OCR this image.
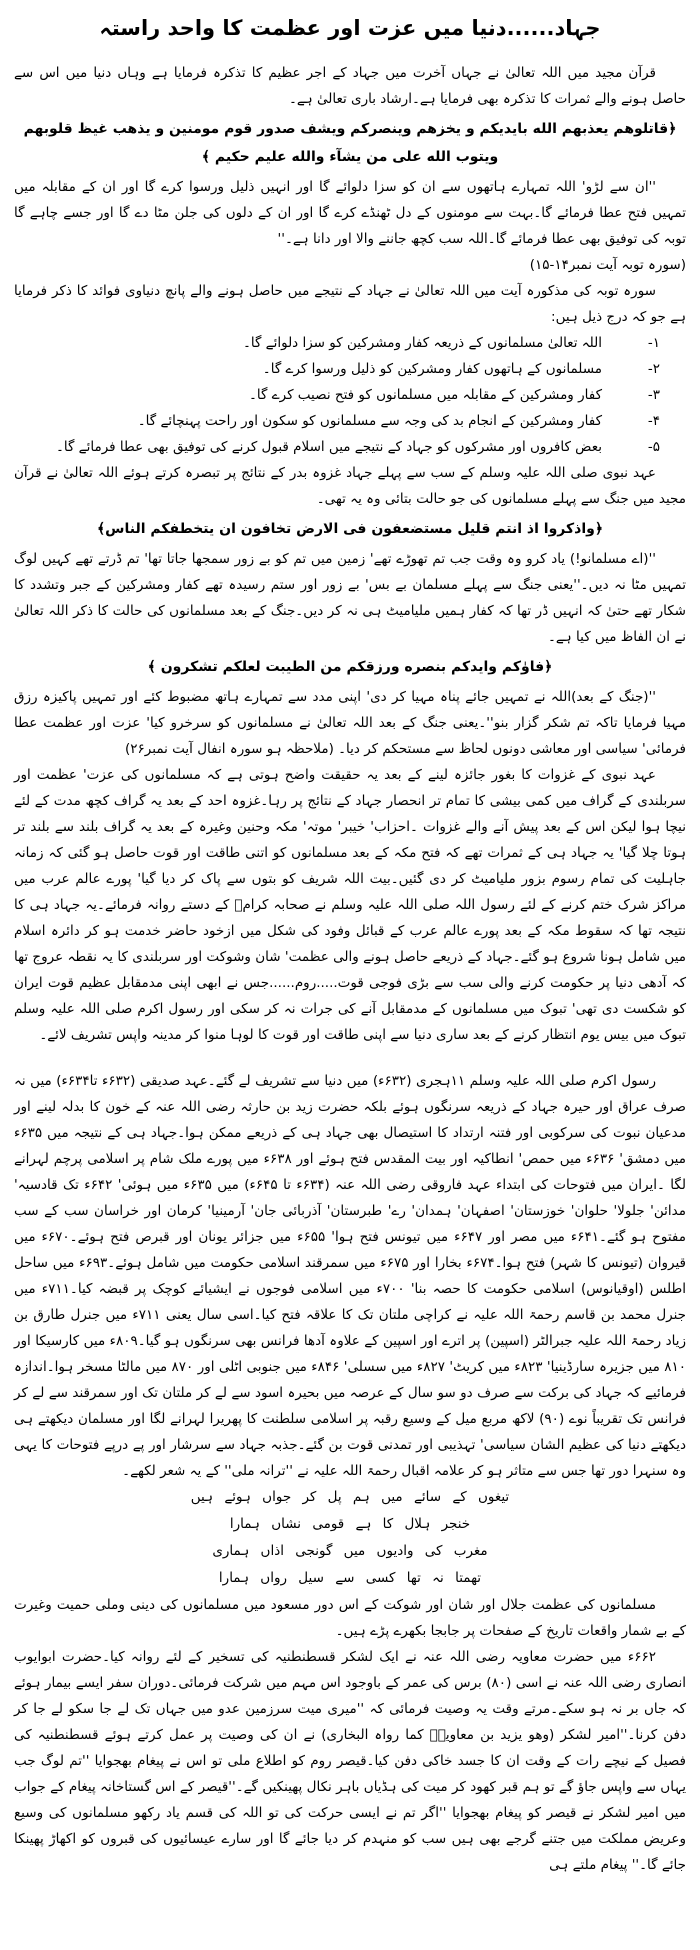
جہاد......دنیا میں عزت اور عظمت کا واحد راستہ
قرآن مجید میں اللہ تعالیٰ نے جہاں آخرت میں جہاد کے اجر عظیم کا تذکرہ فرمایا ہے وہاں دنیا میں اس سے حاصل ہونے والے ثمرات کا تذکرہ بھی فرمایا ہے۔ارشاد باری تعالیٰ ہے۔
﴿قاتلوهم يعذبهم الله بايديكم و يخزهم وينصركم ويشف صدور قوم مومنين و يذهب غيظ قلوبهم ويتوب الله على من يشآء والله عليم حكيم ﴾
''ان سے لڑو' اللہ تمہارے ہاتھوں سے ان کو سزا دلوائے گا اور انہیں ذلیل ورسوا کرے گا اور ان کے مقابلہ میں تمہیں فتح عطا فرمائے گا۔بہت سے مومنوں کے دل ٹھنڈے کرے گا اور ان کے دلوں کی جلن مٹا دے گا اور جسے چاہے گا توبہ کی توفیق بھی عطا فرمائے گا۔اللہ سب کچھ جاننے والا اور دانا ہے۔''
(سورہ توبہ آیت نمبر۱۴-۱۵)
سورہ توبہ کی مذکورہ آیت میں اللہ تعالیٰ نے جہاد کے نتیجے میں حاصل ہونے والے پانچ دنیاوی فوائد کا ذکر فرمایا ہے جو کہ درج ذیل ہیں:
۱-
اللہ تعالیٰ مسلمانوں کے ذریعہ کفار ومشرکین کو سزا دلوائے گا۔
۲-
مسلمانوں کے ہاتھوں کفار ومشرکین کو ذلیل ورسوا کرے گا۔
۳-
کفار ومشرکین کے مقابلہ میں مسلمانوں کو فتح نصیب کرے گا۔
۴-
کفار ومشرکین کے انجام بد کی وجہ سے مسلمانوں کو سکون اور راحت پہنچائے گا۔
۵-
بعض کافروں اور مشرکوں کو جہاد کے نتیجے میں اسلام قبول کرنے کی توفیق بھی عطا فرمائے گا۔
عہد نبوی صلی اللہ علیہ وسلم کے سب سے پہلے جہاد غزوہ بدر کے نتائج پر تبصرہ کرتے ہوئے اللہ تعالیٰ نے قرآن مجید میں جنگ سے پہلے مسلمانوں کی جو حالت بتائی وہ یہ تھی۔
﴿واذكروا اذ انتم قليل مستضعفون فى الارض تخافون ان يتخطفكم الناس﴾
''(اے مسلمانو!) یاد کرو وہ وقت جب تم تھوڑے تھے' زمین میں تم کو بے زور سمجھا جاتا تھا' تم ڈرتے تھے کہیں لوگ تمہیں مٹا نہ دیں۔''یعنی جنگ سے پہلے مسلمان بے بس' بے زور اور ستم رسیدہ تھے کفار ومشرکین کے جبر وتشدد کا شکار تھے حتیٰ کہ انہیں ڈر تھا کہ کفار ہمیں ملیامیٹ ہی نہ کر دیں۔جنگ کے بعد مسلمانوں کی حالت کا ذکر اللہ تعالیٰ نے ان الفاظ میں کیا ہے۔
﴿فاوٰكم وايدكم بنصره ورزقكم من الطيبت لعلكم تشكرون ﴾
''(جنگ کے بعد)اللہ نے تمہیں جائے پناہ مہیا کر دی' اپنی مدد سے تمہارے ہاتھ مضبوط کئے اور تمہیں پاکیزہ رزق مہیا فرمایا تاکہ تم شکر گزار بنو''۔یعنی جنگ کے بعد اللہ تعالیٰ نے مسلمانوں کو سرخرو کیا' عزت اور عظمت عطا فرمائی' سیاسی اور معاشی دونوں لحاظ سے مستحکم کر دیا۔ (ملاحظہ ہو سورہ انفال آیت نمبر۲۶)
عہد نبوی کے غزوات کا بغور جائزہ لینے کے بعد یہ حقیقت واضح ہوتی ہے کہ مسلمانوں کی عزت' عظمت اور سربلندی کے گراف میں کمی بیشی کا تمام تر انحصار جہاد کے نتائج پر رہا۔غزوہ احد کے بعد یہ گراف کچھ مدت کے لئے نیچا ہوا لیکن اس کے بعد پیش آنے والے غزوات ۔احزاب' خیبر' موتہ' مکہ وحنین وغیرہ کے بعد یہ گراف بلند سے بلند تر ہوتا چلا گیا' یہ جہاد ہی کے ثمرات تھے کہ فتح مکہ کے بعد مسلمانوں کو اتنی طاقت اور قوت حاصل ہو گئی کہ زمانہ جاہلیت کی تمام رسوم بزور ملیامیٹ کر دی گئیں۔بیت اللہ شریف کو بتوں سے پاک کر دیا گیا' پورے عالم عرب میں مراکز شرک ختم کرنے کے لئے رسول اللہ صلی اللہ علیہ وسلم نے صحابہ کرامؓ کے دستے روانہ فرمائے۔یہ جہاد ہی کا نتیجہ تھا کہ سقوط مکہ کے بعد پورے عالم عرب کے قبائل وفود کی شکل میں ازخود حاضر خدمت ہو کر دائرہ اسلام میں شامل ہونا شروع ہو گئے۔جہاد کے ذریعے حاصل ہونے والی عظمت' شان وشوکت اور سربلندی کا یہ نقطہ عروج تھا کہ آدھی دنیا پر حکومت کرنے والی سب سے بڑی فوجی قوت.....روم......جس نے ابھی اپنی مدمقابل عظیم قوت ایران کو شکست دی تھی' تبوک میں مسلمانوں کے مدمقابل آنے کی جرات نہ کر سکی اور رسول اکرم صلی اللہ علیہ وسلم تبوک میں بیس یوم انتظار کرنے کے بعد ساری دنیا سے اپنی طاقت اور قوت کا لوہا منوا کر مدینہ واپس تشریف لائے۔
رسول اکرم صلی اللہ علیہ وسلم ۱۱ہجری (۶۳۲ء) میں دنیا سے تشریف لے گئے۔عہد صدیقی (۶۳۲ء تا۶۳۴ء) میں نہ صرف عراق اور حیرہ جہاد کے ذریعہ سرنگوں ہوئے بلکہ حضرت زید بن حارثہ رضی اللہ عنہ کے خون کا بدلہ لینے اور مدعیان نبوت کی سرکوبی اور فتنہ ارتداد کا استیصال بھی جہاد ہی کے ذریعے ممکن ہوا۔جہاد ہی کے نتیجہ میں ۶۳۵ء میں دمشق' ۶۳۶ء میں حمص' انطاکیہ اور بیت المقدس فتح ہوئے اور ۶۳۸ء میں پورے ملک شام پر اسلامی پرچم لہرانے لگا ۔ایران میں فتوحات کی ابتداء عہد فاروقی رضی اللہ عنہ (۶۳۴ء تا ۶۴۵ء) میں ۶۳۵ء میں ہوئی' ۶۴۲ء تک قادسیہ' مدائن' جلولا' حلوان' خوزستان' اصفہان' ہمدان' رے' طبرستان' آذربائی جان' آرمینیا' کرمان اور خراسان سب کے سب مفتوح ہو گئے۔۶۴۱ء میں مصر اور ۶۴۷ء میں تیونس فتح ہوا' ۶۵۵ء میں جزائر یونان اور قبرص فتح ہوئے۔۶۷۰ء میں قیروان (تیونس کا شہر) فتح ہوا۔۶۷۴ء بخارا اور ۶۷۵ء میں سمرقند اسلامی حکومت میں شامل ہوئے۔۶۹۳ء میں ساحل اطلس (اوقیانوس) اسلامی حکومت کا حصہ بنا' ۷۰۰ء میں اسلامی فوجوں نے ایشیائے کوچک پر قبضہ کیا۔۷۱۱ء میں جنرل محمد بن قاسم رحمۃ اللہ علیہ نے کراچی ملتان تک کا علاقہ فتح کیا۔اسی سال یعنی ۷۱۱ء میں جنرل طارق بن زیاد رحمۃ اللہ علیہ جبرالٹر (اسپین) پر اترے اور اسپین کے علاوہ آدھا فرانس بھی سرنگوں ہو گیا۔۸۰۹ء میں کارسیکا اور ۸۱۰ میں جزیرہ سارڈینیا' ۸۲۳ء میں کریٹ' ۸۲۷ء میں سسلی' ۸۴۶ء میں جنوبی اٹلی اور ۸۷۰ میں مالٹا مسخر ہوا۔اندازہ فرمائیے کہ جہاد کی برکت سے صرف دو سو سال کے عرصہ میں بحیرہ اسود سے لے کر ملتان تک اور سمرقند سے لے کر فرانس تک تقریباً نوے (۹۰) لاکھ مربع میل کے وسیع رقبہ پر اسلامی سلطنت کا پھریرا لہرانے لگا اور مسلمان دیکھتے ہی دیکھتے دنیا کی عظیم الشان سیاسی' تہذیبی اور تمدنی قوت بن گئے۔جذبہ جہاد سے سرشار اور پے درپے فتوحات کا یہی وہ سنہرا دور تھا جس سے متاثر ہو کر علامہ اقبال رحمۃ اللہ علیہ نے ''ترانہ ملی'' کے یہ شعر لکھے۔
تیغوں کے سائے میں ہم پل کر جواں ہوئے ہیں
خنجر ہلال کا ہے قومی نشاں ہمارا
مغرب کی وادیوں میں گونجی اذاں ہماری
تھمتا نہ تھا کسی سے سیل رواں ہمارا
مسلمانوں کی عظمت جلال اور شان اور شوکت کے اس دور مسعود میں مسلمانوں کی دینی وملی حمیت وغیرت کے بے شمار واقعات تاریخ کے صفحات پر جابجا بکھرے پڑے ہیں۔
۶۶۲ء میں حضرت معاویہ رضی اللہ عنہ نے ایک لشکر قسطنطنیہ کی تسخیر کے لئے روانہ کیا۔حضرت ابوایوب انصاری رضی اللہ عنہ نے اسی (۸۰) برس کی عمر کے باوجود اس مہم میں شرکت فرمائی۔دوران سفر ایسے بیمار ہوئے کہ جاں بر نہ ہو سکے۔مرتے وقت یہ وصیت فرمائی کہ ''میری میت سرزمین عدو میں جہاں تک لے جا سکو لے جا کر دفن کرنا۔''امیر لشکر (وھو یزید بن معاویہؓ کما رواہ البخاری) نے ان کی وصیت پر عمل کرتے ہوئے قسطنطنیہ کی فصیل کے نیچے رات کے وقت ان کا جسد خاکی دفن کیا۔قیصر روم کو اطلاع ملی تو اس نے پیغام بھجوایا ''تم لوگ جب یہاں سے واپس جاؤ گے تو ہم قبر کھود کر میت کی ہڈیاں باہر نکال پھینکیں گے۔''قیصر کے اس گستاخانہ پیغام کے جواب میں امیر لشکر نے قیصر کو پیغام بھجوایا ''اگر تم نے ایسی حرکت کی تو اللہ کی قسم یاد رکھو مسلمانوں کی وسیع وعریض مملکت میں جتنے گرجے بھی ہیں سب کو منہدم کر دیا جائے گا اور سارے عیسائیوں کی قبروں کو اکھاڑ پھینکا جائے گا۔'' پیغام ملتے ہی
